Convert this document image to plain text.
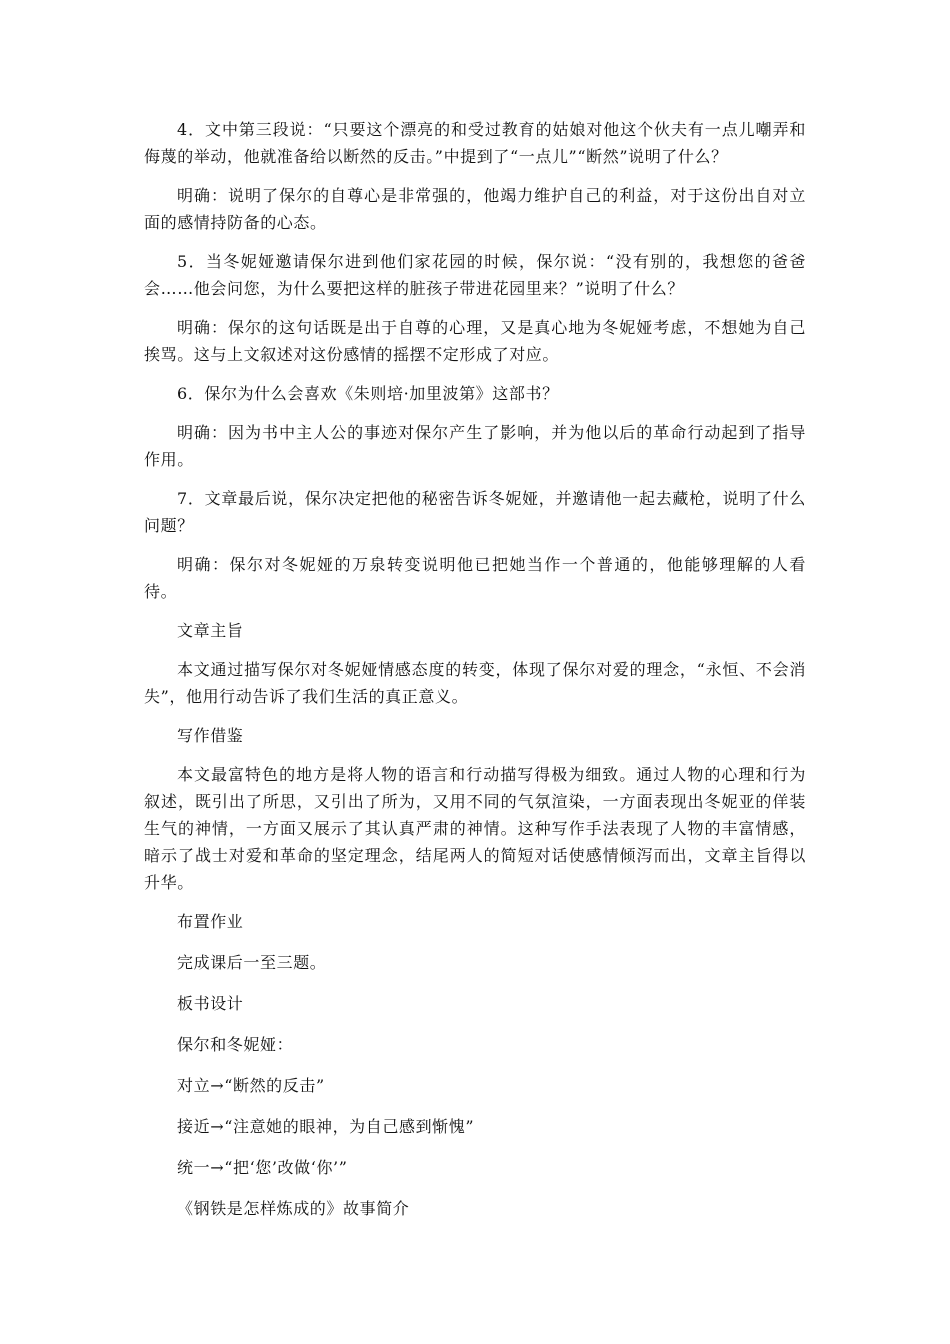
4．文中第三段说：“只要这个漂亮的和受过教育的姑娘对他这个伙夫有一点儿嘲弄和侮蔑的举动，他就准备给以断然的反击。”中提到了“一点儿”“断然”说明了什么？

明确：说明了保尔的自尊心是非常强的，他竭力维护自己的利益，对于这份出自对立面的感情持防备的心态。

5．当冬妮娅邀请保尔进到他们家花园的时候，保尔说：“没有别的，我想您的爸爸会……他会问您，为什么要把这样的脏孩子带进花园里来？”说明了什么？

明确：保尔的这句话既是出于自尊的心理，又是真心地为冬妮娅考虑，不想她为自己挨骂。这与上文叙述对这份感情的摇摆不定形成了对应。

6．保尔为什么会喜欢《朱则培·加里波第》这部书？

明确：因为书中主人公的事迹对保尔产生了影响，并为他以后的革命行动起到了指导作用。

7．文章最后说，保尔决定把他的秘密告诉冬妮娅，并邀请他一起去藏枪，说明了什么问题？

明确：保尔对冬妮娅的万泉转变说明他已把她当作一个普通的，他能够理解的人看待。

文章主旨

本文通过描写保尔对冬妮娅情感态度的转变，体现了保尔对爱的理念，“永恒、不会消失”，他用行动告诉了我们生活的真正意义。

写作借鉴

本文最富特色的地方是将人物的语言和行动描写得极为细致。通过人物的心理和行为叙述，既引出了所思，又引出了所为，又用不同的气氛渲染，一方面表现出冬妮亚的佯装生气的神情，一方面又展示了其认真严肃的神情。这种写作手法表现了人物的丰富情感，暗示了战士对爱和革命的坚定理念，结尾两人的简短对话使感情倾泻而出，文章主旨得以升华。

布置作业

完成课后一至三题。

板书设计

保尔和冬妮娅：

对立→“断然的反击”

接近→“注意她的眼神，为自己感到惭愧”

统一→“把‘您’改做‘你’”

《钢铁是怎样炼成的》故事简介
